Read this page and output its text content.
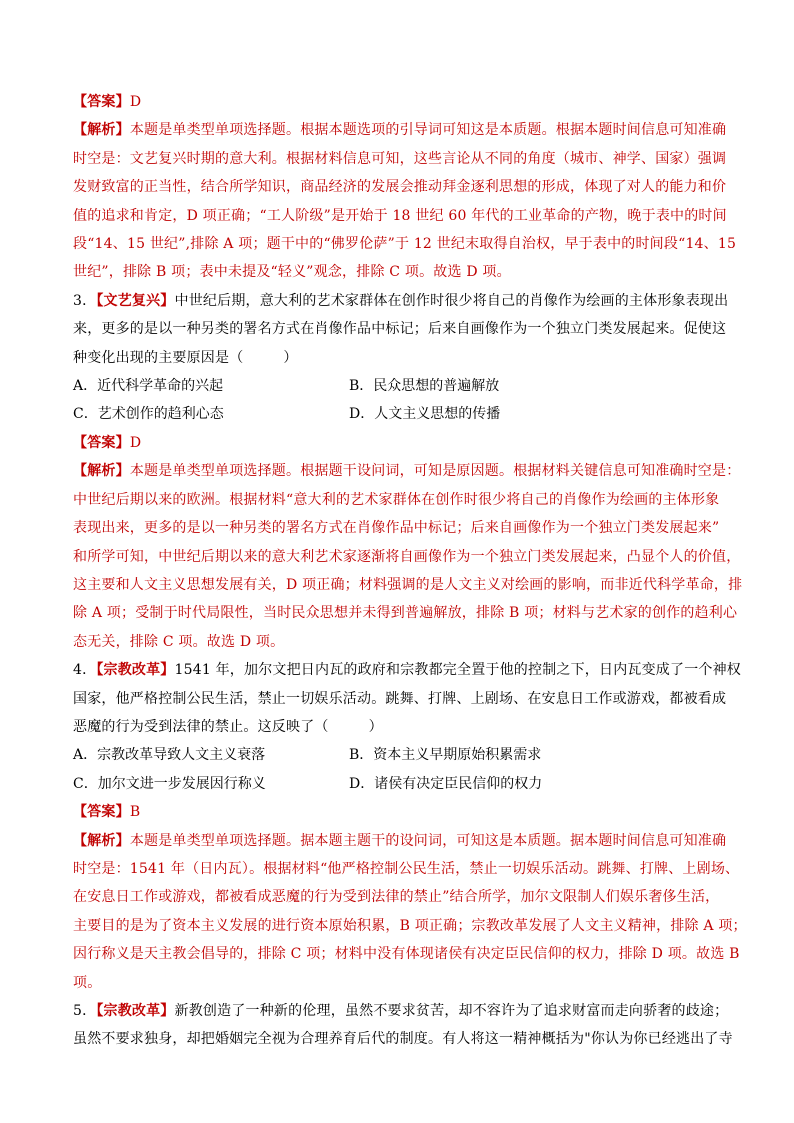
【答案】D
【解析】本题是单类型单项选择题。根据本题选项的引导词可知这是本质题。根据本题时间信息可知准确
时空是：文艺复兴时期的意大利。根据材料信息可知，这些言论从不同的角度（城市、神学、国家）强调
发财致富的正当性，结合所学知识，商品经济的发展会推动拜金逐利思想的形成，体现了对人的能力和价
值的追求和肯定，D 项正确；“工人阶级”是开始于 18 世纪 60 年代的工业革命的产物，晚于表中的时间
段“14、15 世纪”,排除 A 项；题干中的“佛罗伦萨”于 12 世纪末取得自治权，早于表中的时间段“14、15
世纪”，排除 B 项；表中未提及“轻义”观念，排除 C 项。故选 D 项。
3．【文艺复兴】中世纪后期，意大利的艺术家群体在创作时很少将自己的肖像作为绘画的主体形象表现出
来，更多的是以一种另类的署名方式在肖像作品中标记；后来自画像作为一个独立门类发展起来。促使这
种变化出现的主要原因是（	）
A．近代科学革命的兴起	B．民众思想的普遍解放
C．艺术创作的趋利心态	D．人文主义思想的传播
【答案】D
【解析】本题是单类型单项选择题。根据题干设问词，可知是原因题。根据材料关键信息可知准确时空是：
中世纪后期以来的欧洲。根据材料“意大利的艺术家群体在创作时很少将自己的肖像作为绘画的主体形象
表现出来，更多的是以一种另类的署名方式在肖像作品中标记；后来自画像作为一个独立门类发展起来”
和所学可知，中世纪后期以来的意大利艺术家逐渐将自画像作为一个独立门类发展起来，凸显个人的价值，
这主要和人文主义思想发展有关，D 项正确；材料强调的是人文主义对绘画的影响，而非近代科学革命，排
除 A 项；受制于时代局限性，当时民众思想并未得到普遍解放，排除 B 项；材料与艺术家的创作的趋利心
态无关，排除 C 项。故选 D 项。
4．【宗教改革】1541 年，加尔文把日内瓦的政府和宗教都完全置于他的控制之下，日内瓦变成了一个神权
国家，他严格控制公民生活，禁止一切娱乐活动。跳舞、打牌、上剧场、在安息日工作或游戏，都被看成
恶魔的行为受到法律的禁止。这反映了（	）
A．宗教改革导致人文主义衰落	B．资本主义早期原始积累需求
C．加尔文进一步发展因行称义	D．诸侯有决定臣民信仰的权力
【答案】B
【解析】本题是单类型单项选择题。据本题主题干的设问词，可知这是本质题。据本题时间信息可知准确
时空是：1541 年（日内瓦）。根据材料“他严格控制公民生活，禁止一切娱乐活动。跳舞、打牌、上剧场、
在安息日工作或游戏，都被看成恶魔的行为受到法律的禁止”结合所学，加尔文限制人们娱乐奢侈生活，
主要目的是为了资本主义发展的进行资本原始积累，B 项正确；宗教改革发展了人文主义精神，排除 A 项；
因行称义是天主教会倡导的，排除 C 项；材料中没有体现诸侯有决定臣民信仰的权力，排除 D 项。故选 B
项。
5．【宗教改革】新教创造了一种新的伦理，虽然不要求贫苦，却不容许为了追求财富而走向骄奢的歧途；
虽然不要求独身，却把婚姻完全视为合理养育后代的制度。有人将这一精神概括为"你认为你已经逃出了寺
